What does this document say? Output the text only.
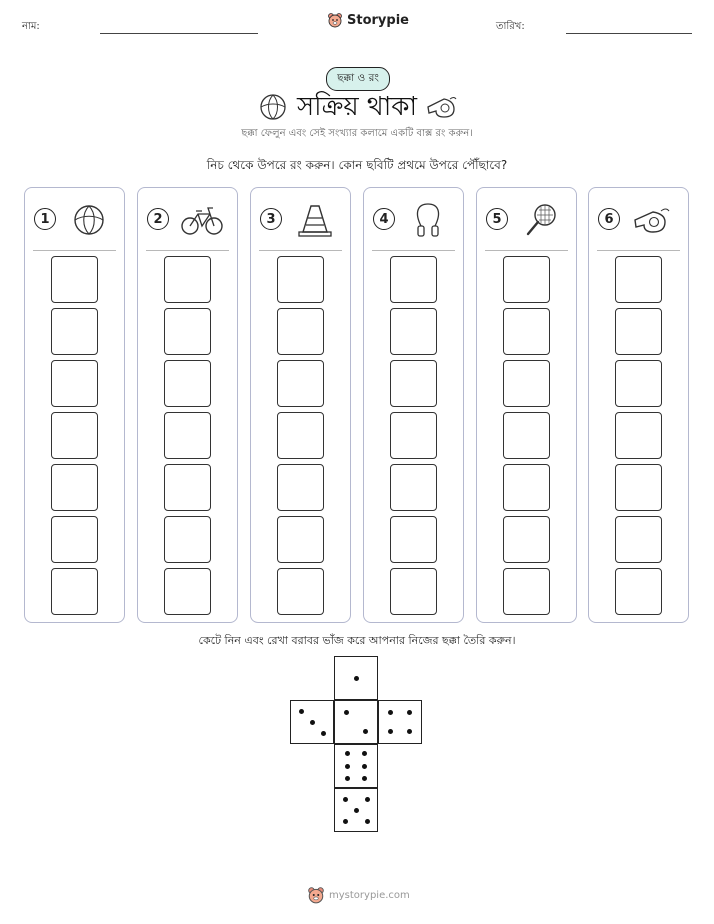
নাম:	Storypie	তারিখ:
ছক্কা ও রং
সক্রিয় থাকা
ছক্কা ফেলুন এবং সেই সংখ্যার কলামে একটি বাক্স রং করুন।
নিচ থেকে উপরে রং করুন। কোন ছবিটি প্রথমে উপরে পৌঁছাবে?
1	2	3	4	5	6
কেটে নিন এবং রেখা বরাবর ভাঁজ করে আপনার নিজের ছক্কা তৈরি করুন।
mystorypie.com
